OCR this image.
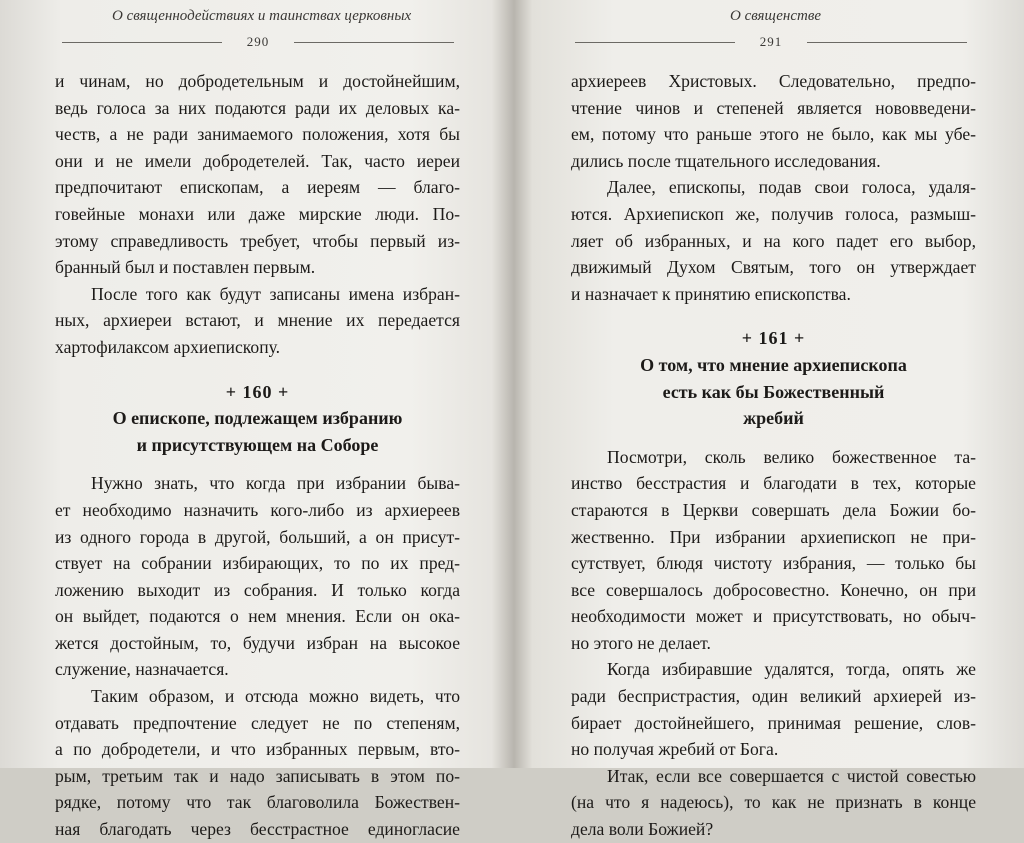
О священнодействиях и таинствах церковных
290
и чинам, но добродетельным и достойнейшим,
ведь голоса за них подаются ради их деловых ка-
честв, а не ради занимаемого положения, хотя бы
они и не имели добродетелей. Так, часто иереи
предпочитают епископам, а иереям — благо-
говейные монахи или даже мирские люди. По-
этому справедливость требует, чтобы первый из-
бранный был и поставлен первым.
После того как будут записаны имена избран-
ных, архиереи встают, и мнение их передается
хартофилаксом архиепископу.
+ 160 +
О епископе, подлежащем избранию
и присутствующем на Соборе
Нужно знать, что когда при избрании быва-
ет необходимо назначить кого-либо из архиереев
из одного города в другой, больший, а он присут-
ствует на собрании избирающих, то по их пред-
ложению выходит из собрания. И только когда
он выйдет, подаются о нем мнения. Если он ока-
жется достойным, то, будучи избран на высокое
служение, назначается.
Таким образом, и отсюда можно видеть, что
отдавать предпочтение следует не по степеням,
а по добродетели, и что избранных первым, вто-
рым, третьим так и надо записывать в этом по-
рядке, потому что так благоволила Божествен-
ная благодать через бесстрастное единогласие
О священстве
291
архиереев Христовых. Следовательно, предпо-
чтение чинов и степеней является нововведени-
ем, потому что раньше этого не было, как мы убе-
дились после тщательного исследования.
Далее, епископы, подав свои голоса, удаля-
ются. Архиепископ же, получив голоса, размыш-
ляет об избранных, и на кого падет его выбор,
движимый Духом Святым, того он утверждает
и назначает к принятию епископства.
+ 161 +
О том, что мнение архиепископа
есть как бы Божественный
жребий
Посмотри, сколь велико божественное та-
инство бесстрастия и благодати в тех, которые
стараются в Церкви совершать дела Божии бо-
жественно. При избрании архиепископ не при-
сутствует, блюдя чистоту избрания, — только бы
все совершалось добросовестно. Конечно, он при
необходимости может и присутствовать, но обыч-
но этого не делает.
Когда избиравшие удалятся, тогда, опять же
ради беспристрастия, один великий архиерей из-
бирает достойнейшего, принимая решение, слов-
но получая жребий от Бога.
Итак, если все совершается с чистой совестью
(на что я надеюсь), то как не признать в конце
дела воли Божией?
